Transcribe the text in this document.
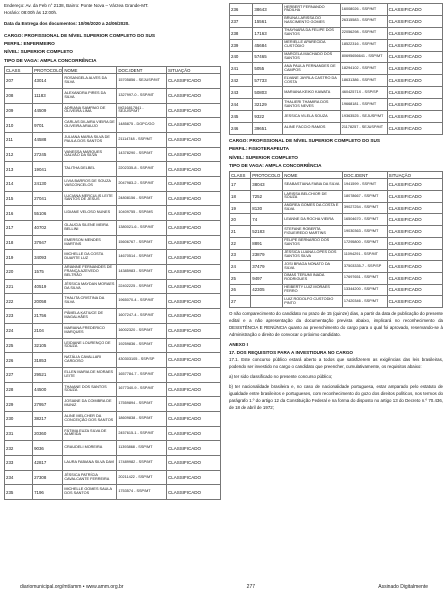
Endereço: Av. da Feb n° 2138, Bairro: Ponte Nova – Várzea Grande-MT.

Horário: 08:00h às 12:00h.

Data da Entrega dos documentos: 10/06/2020 a 24/06/2020.

CARGO: PROFISSIONAL DE NÍVEL SUPERIOR COMPLETO DO SUS

PERFIL: ENFERMEIRO

NÍVEL: SUPERIOR COMPLETO

TIPO DE VAGA: AMPLA CONCORRÊNCIA

CLASS	PROTOCOLO	NOME	DOC.IDENT	SITUAÇÃO
207	43014	ROSANGELA ALVES DA SILVA	15705856 - SEJUSP/MT	CLASSIFICADO
208	11183	ALEXANDRA PIRES DA SILVA	1327997-0 - SSP/MT	CLASSIFICADO
209	44509	ADRIANA SAMPAIO DE OLIVEIRA LIMA	MG16817841 - SEJUSP/MT	CLASSIFICADO
210	9701	CARLAS DILAIRA VIEIRA DE OLIVEIRA ARAUJO	1485875 - DGPC/GO	CLASSIFICADO
211	44588	JULIANA MARIA SILVA DE PAULA DOS SANTOS	21114748 - SSP/MT	CLASSIFICADO
212	27245	VANESSA MARQUES GALVÃO DA SILVA	14378290 - SSP/MT	CLASSIFICADO
213	19041	TALITHA DELBEL	2202335-8 - SSP/MT	CLASSIFICADO
214	24130	LIVIA BARROS DE SOUZA VASCONCELOS	2047983-2 - SSP/MT	CLASSIFICADO
215	27041	LUCIANA MERCULIS LEITE SANTOS DE JESUS	24808156 - SSP/MT	CLASSIFICADO
216	55106	LIDIANE VELOSO NUNES	10409755 - SSP/MS	CLASSIFICADO
217	40702	GLAUCIA SILENE MEIRA BELLINI	1380021-6 - SSP/MT	CLASSIFICADO
218	37947	EMERSON MENDES MARTINS	15606767 - SSP/MT	CLASSIFICADO
219	34093	MICHELLE DA COSTA DUARTE LUZ	14670514 - SSP/MT	CLASSIFICADO
220	1575	ARIANNE FERNANDES DE FRANÇA AZEVEDO BELTRÃO	14385983 - SSP/MT	CLASSIFICADO
221	40519	JÉSSICA MAYDAN MORAES DA SILVA	22402225 - SSP/MT	CLASSIFICADO
222	20058	THALITA CRISTINA DA SILVA	1965070-4 - SSP/MT	CLASSIFICADO
223	21756	PÂMELA KATIUCE DE MAGALHÃES	1607247-4 - SSP/MT	CLASSIFICADO
224	2104	MARIANA FREDERICO MARQUES	16002320 - SSP/MT	CLASSIFICADO
225	32105	LEIDIANE LOURENÇO DE SOUZA	19259836 - SSP/MT	CLASSIFICADO
226	31853	NATÁLIA CAVALLARI CARDOSO	430303105 - SSP/SP	CLASSIFICADO
227	29521	ELLEN MARIA DE MORAES LEITE	1657784-7 - SSP/MT	CLASSIFICADO
228	44500	THAIANE DOS SANTOS SOUZA	1677340-9 - SSP/MT	CLASSIFICADO
229	27957	JOSIANE DA COIMBRA DE MUNIZ	17559894 - SSP/MT	CLASSIFICADO
230	38217	ALINE MELCHER DA CONCEIÇÃO DOS SANTOS	18609838 - SSP/MT	CLASSIFICADO
231	20360	FÁTIMA EUZA SILVA DE ALMEIDA	2457615-1 - SSP/MT	CLASSIFICADO
232	9036	CRAUDELI MOREIRA	11393868 - SSP/MT	CLASSIFICADO
233	42817	LAURA FABIANA SILVA DAVI	17489982 - SSP/MT	CLASSIFICADO
234	27308	JÉSSICA PATRÍCIA CAVALCANTE FERREIRA	20211422 - SSP/MT	CLASSIFICADO
235	7196	MICHELLE GOMES SAULA DOS SANTOS	1753574 - SSP/MT	CLASSIFICADO
236	38643	HERBERT FERNANDO PADILHA	16008026 - SSP/MT	CLASSIFICADO
237	15561	BRUNA LARISSA DO NASCIMENTO GOMES	26315583 - SSP/MT	CLASSIFICADO
238	17163	THAYNARA DA FELIPE DOS SANTOS	22056298 - SSP/MT	CLASSIFICADO
239	45684	MERIELLE APARECIDA CUSTÓDIO	18522316 - SSP/MT	CLASSIFICADO
240	57465	MARCELA MACHADO DOS SANTOS	80695656641 - SSP/MT	CLASSIFICADO
241	5055	ANA PAULA FERNANDES DE CAMPOS	18294102 - SSP/MT	CLASSIFICADO
242	57733	ELVANE JAYRLA CASTRO DA COSTA	18631386 - SSP/MT	CLASSIFICADO
243	50803	MARIANA KEIKO KAWATA	46042571X - SSP/SP	CLASSIFICADO
244	32129	THALIERI THAMIRA DOS SANTOS NEVES	19668181 - SSP/MT	CLASSIFICADO
245	9322	JESSICA VILELA SOUZA	19363525 - SEJUSP/MT	CLASSIFICADO
246	39651	ALINE FACCIO RAMOS	21178257 - SEJUSP/MT	CLASSIFICADO

CARGO: PROFISSIONAL DE NÍVEL SUPERIOR COMPLETO DO SUS

PERFIL: FISIOTERAPEUTA

NÍVEL: SUPERIOR COMPLETO

TIPO DE VAGA: AMPLA CONCORRÊNCIA

CLASS	PROTOCOLO	NOME	DOC.IDENT	SITUAÇÃO
17	38043	SEABASTIANA FABIA DA SILVA	1941599 - SSP/MT	CLASSIFICADO
18	7252	LARISSA BELCHIOR DE SOUZA	18078667 - SSP/MT	CLASSIFICADO
19	8130	ANDREA GOMES DA COSTA E SILVA	39027254 - SSP/MT	CLASSIFICADO
20	74	LEANNE DA ROCHA VIEIRA	16504670 - SSP/MT	CLASSIFICADO
21	52183	STEFANE ROBERTA FIGUEIREDO MARTINS	19030363 - SSP/MT	CLASSIFICADO
22	8891	FELIPE BERNARDO DOS SANTOS	17295800 - SSP/MT	CLASSIFICADO
23	23879	JÉSSICA LUANA LOPES DOS SANTOS SILVA	11094291 - SSP/MT	CLASSIFICADO
24	37479	JOSI BRAGA NONATO DA SILVA	37503335-7 - SSP/SP	CLASSIFICADO
25	9497	DIMAS TERUMI INADA RODRIGUES	17697651 - SSP/MT	CLASSIFICADO
26	42305	HEIBERTY LUIZ MORAES FERRO	13344200 - SSP/MT	CLASSIFICADO
27		LUIZ RODOLFO CUSTODIO PINTO	17420346 - SSP/MT	CLASSIFICADO

O não comparecimento do candidato no prazo de 15 (quinze) dias, a partir da data de publicação do presente edital e a não apresentação da documentação prevista abaixo, implicará no reconhecimento da DESISTÊNCIA E RENÚNCIA quanto ao preenchimento do cargo para o qual foi aprovado, reservando-se à Administração o direito de convocar o próximo candidato.

ANEXO I

17. DOS REQUISITOS PARA A INVESTIDURA NO CARGO

17.1. Este concurso público estará aberto a todos que satisfizerem as exigências das leis brasileiras, podendo ser investido no cargo o candidato que preencher, cumulativamente, os requisitos abaixo:

a) ter sido classificado no presente concurso público;

b) ter nacionalidade brasileira e, no caso de nacionalidade portuguesa, estar amparado pelo estatuto de igualdade entre brasileiros e portugueses, com reconhecimento do gozo dos direitos políticos, nos termos do parágrafo 1.º do artigo 12 da Constituição Federal e na forma do disposto no artigo 13 do Decreto n.º 70.436, de 18 de abril de 1972;

diariomunicipal.org/mt/amm • www.amm.org.br	277	Assinado Digitalmente
